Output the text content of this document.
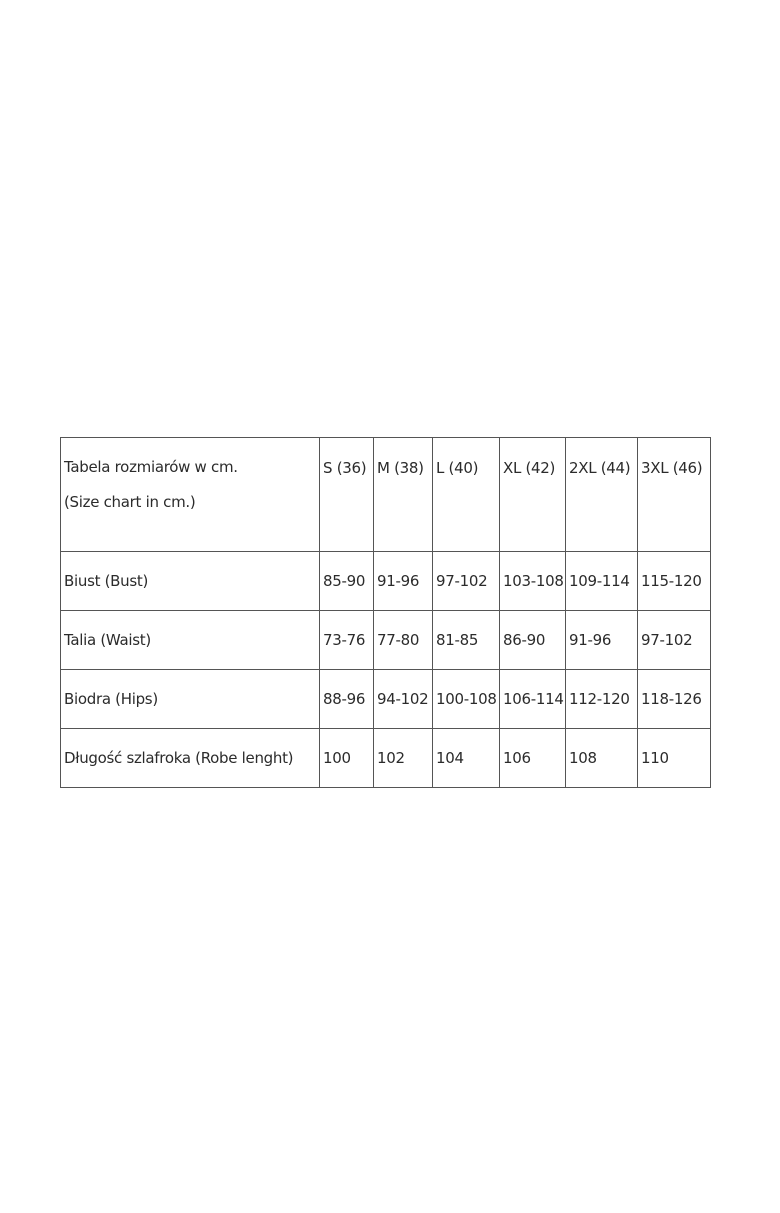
Tabela rozmiarów w cm.
(Size chart in cm.)	S (36)	M (38)	L (40)	XL (42)	2XL (44)	3XL (46)

Biust (Bust)	85-90	91-96	97-102	103-108	109-114	115-120
Talia (Waist)	73-76	77-80	81-85	86-90	91-96	97-102
Biodra (Hips)	88-96	94-102	100-108	106-114	112-120	118-126
Długość szlafroka (Robe lenght)	100	102	104	106	108	110
